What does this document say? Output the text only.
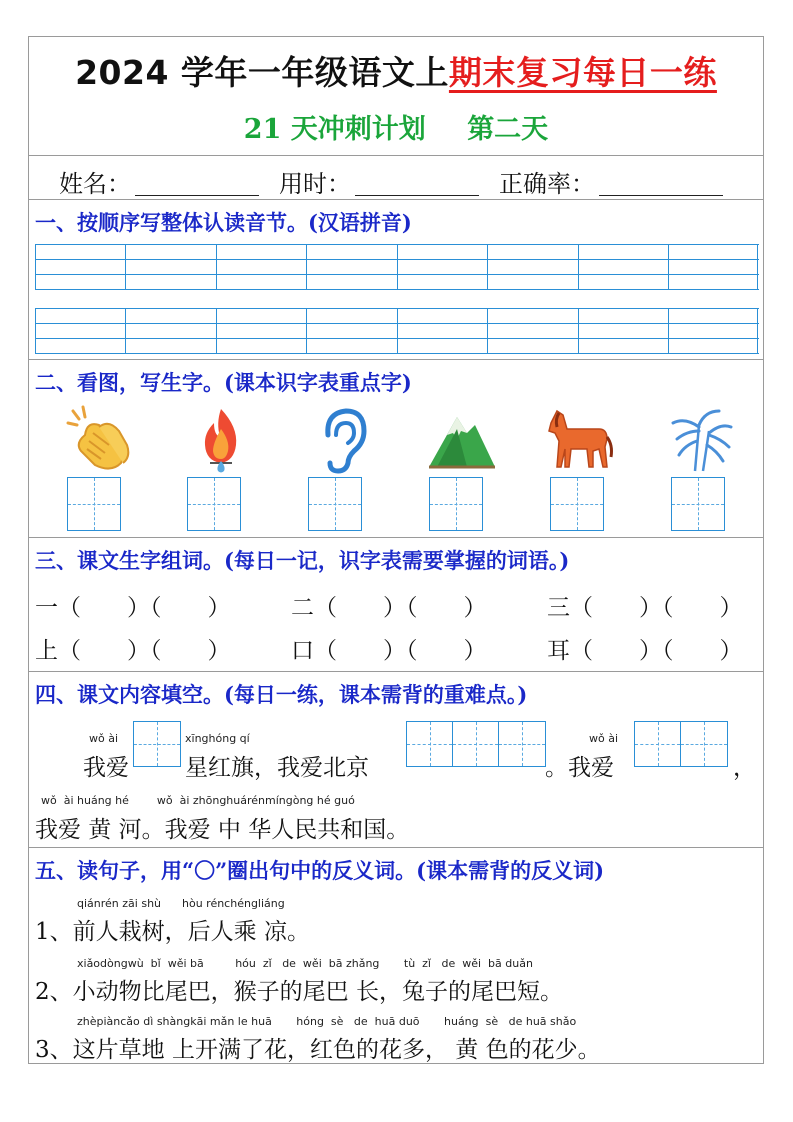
2024 学年一年级语文上期末复习每日一练
21 天冲刺计划 第二天
姓名：	用时：	正确率：
一、按顺序写整体认读音节。(汉语拼音)
二、看图，写生字。(课本识字表重点字)
三、课文生字组词。(每日一记，识字表需要掌握的词语。)
一（　　）（　　）	二（　　）（　　）	三（　　）（　　）
上（　　）（　　）	口（　　）（　　）	耳（　　）（　　）
四、课文内容填空。(每日一练，课本需背的重难点。)
wǒ ài
我爱
xīnghóng qí
星红旗，我爱北京	。我爱
wǒ ài
，
wǒ  ài huáng hé        wǒ  ài zhōnghuárénmíngòng hé guó
我爱 黄 河。我爱 中 华人民共和国。
五、读句子，用“〇”圈出句中的反义词。(课本需背的反义词)
qiánrén zāi shù      hòu rénchéngliáng
1、前人栽树，后人乘 凉。
xiǎodòngwù  bǐ  wěi bā         hóu  zǐ   de  wěi  bā zhǎng       tù  zǐ   de  wěi  bā duǎn
2、小动物比尾巴，猴子的尾巴 长，兔子的尾巴短。
zhèpiàncǎo dì shàngkāi mǎn le huā       hóng  sè   de  huā duō       huáng  sè   de huā shǎo
3、这片草地 上开满了花，红色的花多， 黄 色的花少。
